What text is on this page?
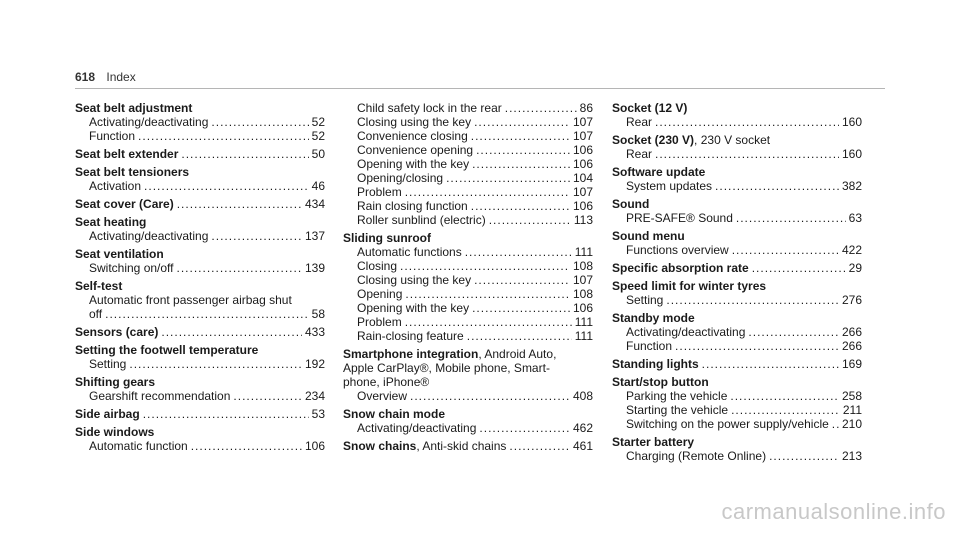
618 Index
Seat belt adjustment
Activating/deactivating .....	52
Function .....	52
Seat belt extender .....	50
Seat belt tensioners
Activation .....	46
Seat cover (Care) .....	434
Seat heating
Activating/deactivating .....	137
Seat ventilation
Switching on/off .....	139
Self-test
Automatic front passenger airbag shut
off .....	58
Sensors (care) .....	433
Setting the footwell temperature
Setting .....	192
Shifting gears
Gearshift recommendation .....	234
Side airbag .....	53
Side windows
Automatic function .....	106
Child safety lock in the rear .....	86
Closing using the key .....	107
Convenience closing .....	107
Convenience opening .....	106
Opening with the key .....	106
Opening/closing .....	104
Problem .....	107
Rain closing function .....	106
Roller sunblind (electric) .....	113
Sliding sunroof
Automatic functions .....	111
Closing .....	108
Closing using the key .....	107
Opening .....	108
Opening with the key .....	106
Problem .....	111
Rain-closing feature .....	111
Smartphone integration, Android Auto,
Apple CarPlay®, Mobile phone, Smart-
phone, iPhone®
Overview .....	408
Snow chain mode
Activating/deactivating .....	462
Snow chains , Anti-skid chains .....	461
Socket (12 V)
Rear .....	160
Socket (230 V), 230 V socket
Rear .....	160
Software update
System updates .....	382
Sound
PRE-SAFE® Sound .....	63
Sound menu
Functions overview .....	422
Specific absorption rate .....	29
Speed limit for winter tyres
Setting .....	276
Standby mode
Activating/deactivating .....	266
Function .....	266
Standing lights .....	169
Start/stop button
Parking the vehicle .....	258
Starting the vehicle .....	211
Switching on the power supply/vehicle ..... 210
Starter battery
Charging (Remote Online) .....	213
carmanualsonline.info
